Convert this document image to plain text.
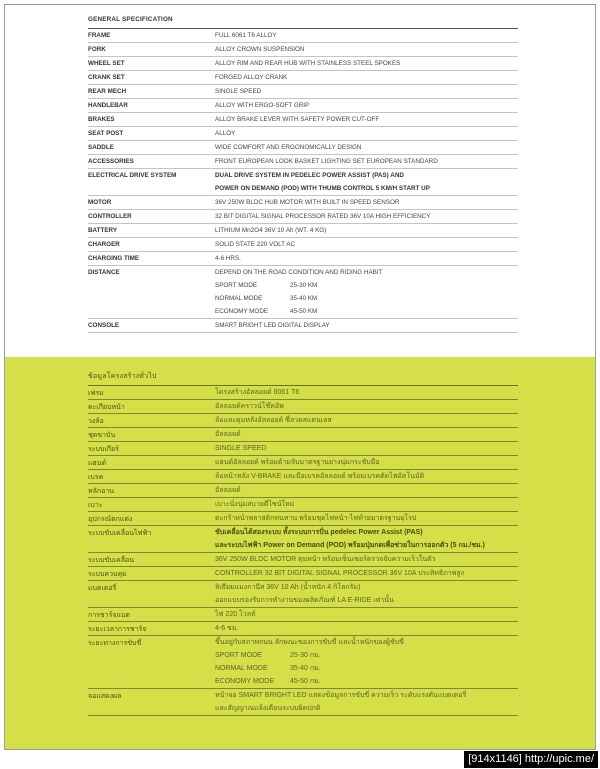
GENERAL SPECIFICATION
FRAME	FULL 6061 T6 ALLOY
FORK	ALLOY CROWN SUSPENSION
WHEEL SET	ALLOY RIM AND REAR HUB WITH STAINLESS STEEL SPOKES
CRANK SET	FORGED ALLOY CRANK
REAR MECH	SINGLE SPEED
HANDLEBAR	ALLOY WITH ERGO-SOFT GRIP
BRAKES	ALLOY BRAKE LEVER WITH SAFETY POWER CUT-OFF
SEAT POST	ALLOY
SADDLE	WIDE COMFORT AND ERGONOMICALLY DESIGN
ACCESSORIES	FRONT EUROPEAN LOOK BASKET LIGHTING SET EUROPEAN STANDARD
ELECTRICAL DRIVE SYSTEM	DUAL DRIVE SYSTEM IN PEDELEC POWER ASSIST (PAS) AND
POWER ON DEMAND (POD) WITH THUMB CONTROL 5 KM/H START UP
MOTOR	36V 250W BLDC HUB MOTOR WITH BUILT IN SPEED SENSOR
CONTROLLER	32 BIT DIGITAL SIGNAL PROCESSOR RATED 36V 10A HIGH EFFICIENCY
BATTERY	LITHIUM Mn2O4 36V 10 Ah (WT. 4 KG)
CHARGER	SOLID STATE 220 VOLT AC
CHARGING TIME	4-6 HRS.
DISTANCE	DEPEND ON THE ROAD CONDITION AND RIDING HABIT
SPORT MODE	25-30 KM
NORMAL MODE	35-40 KM
ECONOMY MODE	45-50 KM
CONSOLE	SMART BRIGHT LED DIGITAL DISPLAY
ข้อมูลโครงสร้างทั่วไป
เฟรม	โครงสร้างอัลลอยด์ 6061 T6
ตะเกียบหน้า	อัลลอยด์คราวน์โช๊คอัพ
วงล้อ	ล้อและดุมหลังอัลลอยด์ ซี่ลวดสแตนเลส
ชุดขาบัน	อัลลอยด์
ระบบเกียร์	SINGLE SPEED
แฮนด์	แฮนด์อัลลอยด์ พร้อมด้ามจับมาตรฐานยางนุ่มกระชับมือ
เบรค	ล้อหน้าหลัง V-BRAKE และมือเบรคอัลลอยด์ พร้อมเบรคตัดไฟอัตโนมัติ
หลักอาน	อัลลอยด์
เบาะ	เบาะนั่งนุ่มสบายดีไซน์ใหม่
อุปกรณ์ตกแต่ง	ตะกร้าหน้าพลาสติกทนทาน พร้อมชุดไฟหน้า-ไฟท้ายมาตรฐานยุโรป
ระบบขับเคลื่อนไฟฟ้า	ขับเคลื่อนได้สองระบบ ทั้งระบบการปั่น pedelec Power Assist (PAS)
และระบบไฟฟ้า Power on Demand (POD) พร้อมปุ่มกดเพื่อช่วยในการออกตัว (5 กม./ชม.)
ระบบขับเคลื่อน	36V 250W BLDC MOTOR ดุมหน้า พร้อมเซ็นเซอร์ตรวจจับความเร็วในตัว
ระบบควบคุม	CONTROLLER 32 BIT DIGITAL SIGNAL PROCESSOR 36V 10A ประสิทธิภาพสูง
แบตเตอรี่	ลิเธียมแมงกานีส 36V 10 Ah (น้ำหนัก 4 กิโลกรัม)
ออกแบบรองรับการทำงานของผลิตภัณฑ์ LA E-RIDE เท่านั้น
การชาร์จแบต	ไฟ 220 โวลท์
ระยะเวลาการชาร์จ	4-6 ชม.
ระยะทางการขับขี่	ขึ้นอยู่กับสภาพถนน ลักษณะของการขับขี่ และน้ำหนักของผู้ขับขี่
SPORT MODE	25-30 กม.
NORMAL MODE	35-40 กม.
ECONOMY MODE	45-50 กม.
จอแสดงผล	หน้าจอ SMART BRIGHT LED แสดงข้อมูลการขับขี่ ความเร็ว ระดับแรงดันแบตเตอรี่
และสัญญาณแจ้งเตือนระบบผิดปกติ
[914x1146] http://upic.me/
